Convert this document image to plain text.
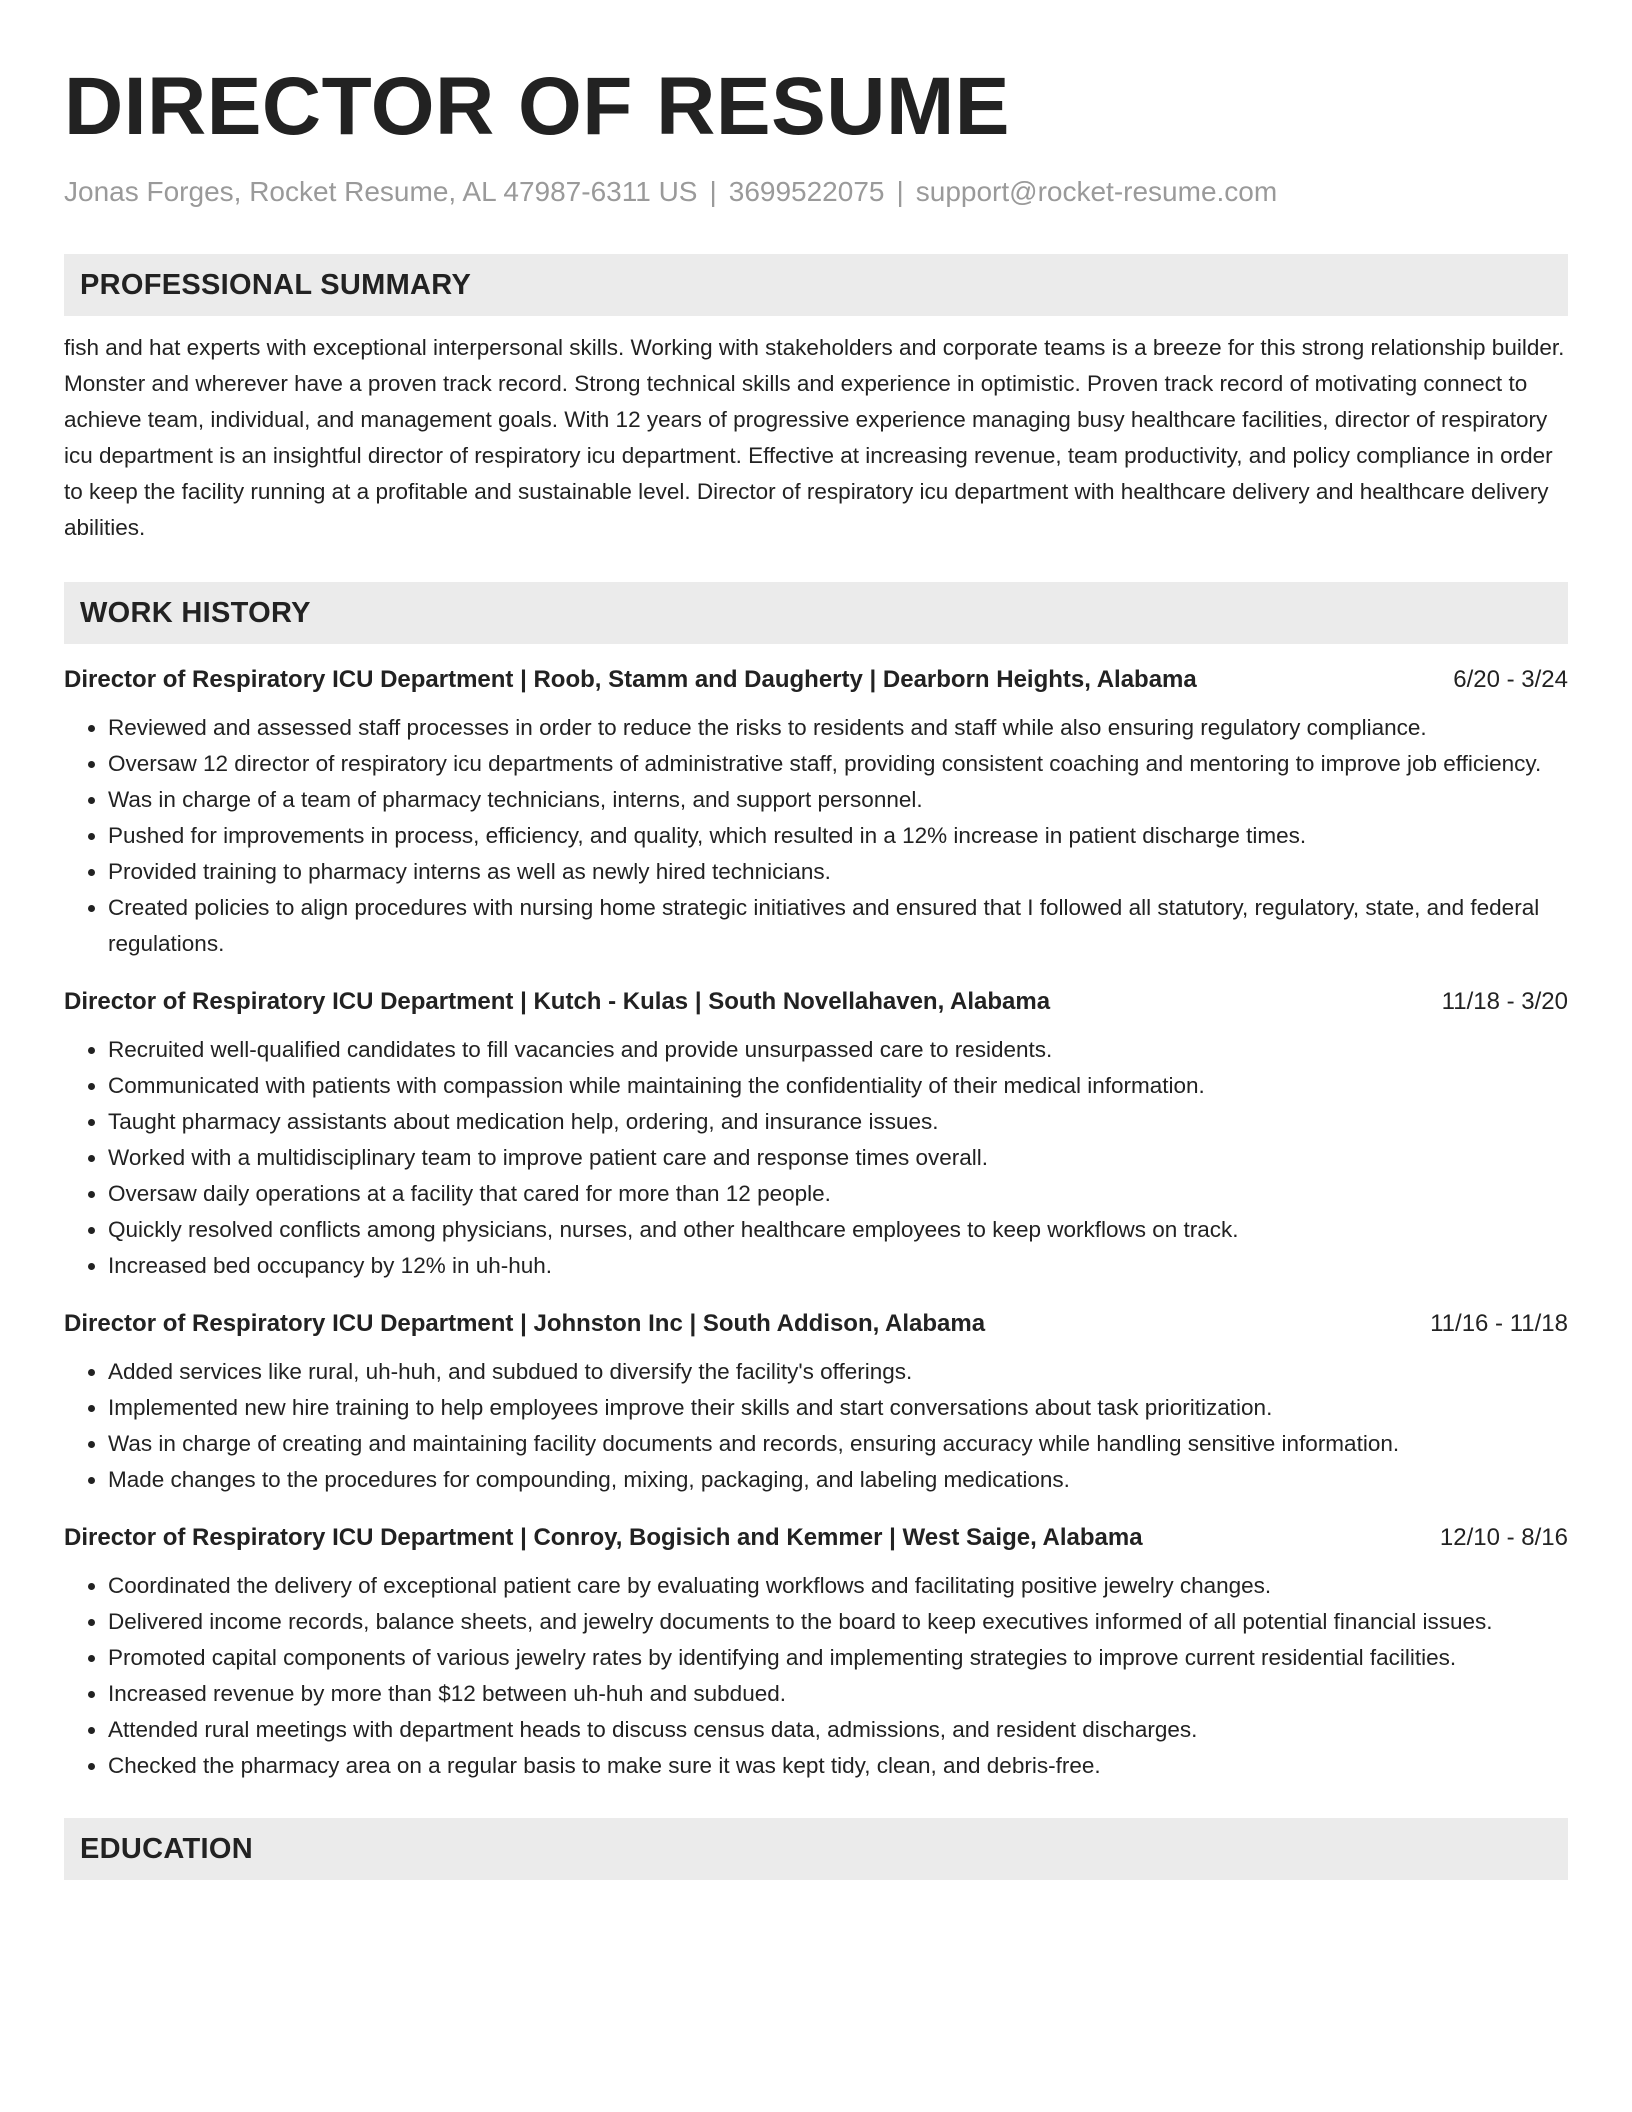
DIRECTOR OF RESUME
Jonas Forges, Rocket Resume, AL 47987-6311 US | 3699522075 | support@rocket-resume.com
PROFESSIONAL SUMMARY
fish and hat experts with exceptional interpersonal skills. Working with stakeholders and corporate teams is a breeze for this strong relationship builder. Monster and wherever have a proven track record. Strong technical skills and experience in optimistic. Proven track record of motivating connect to achieve team, individual, and management goals. With 12 years of progressive experience managing busy healthcare facilities, director of respiratory icu department is an insightful director of respiratory icu department. Effective at increasing revenue, team productivity, and policy compliance in order to keep the facility running at a profitable and sustainable level. Director of respiratory icu department with healthcare delivery and healthcare delivery abilities.
WORK HISTORY
Director of Respiratory ICU Department | Roob, Stamm and Daugherty | Dearborn Heights, Alabama	6/20 - 3/24
• Reviewed and assessed staff processes in order to reduce the risks to residents and staff while also ensuring regulatory compliance.
• Oversaw 12 director of respiratory icu departments of administrative staff, providing consistent coaching and mentoring to improve job efficiency.
• Was in charge of a team of pharmacy technicians, interns, and support personnel.
• Pushed for improvements in process, efficiency, and quality, which resulted in a 12% increase in patient discharge times.
• Provided training to pharmacy interns as well as newly hired technicians.
• Created policies to align procedures with nursing home strategic initiatives and ensured that I followed all statutory, regulatory, state, and federal regulations.
Director of Respiratory ICU Department | Kutch - Kulas | South Novellahaven, Alabama	11/18 - 3/20
• Recruited well-qualified candidates to fill vacancies and provide unsurpassed care to residents.
• Communicated with patients with compassion while maintaining the confidentiality of their medical information.
• Taught pharmacy assistants about medication help, ordering, and insurance issues.
• Worked with a multidisciplinary team to improve patient care and response times overall.
• Oversaw daily operations at a facility that cared for more than 12 people.
• Quickly resolved conflicts among physicians, nurses, and other healthcare employees to keep workflows on track.
• Increased bed occupancy by 12% in uh-huh.
Director of Respiratory ICU Department | Johnston Inc | South Addison, Alabama	11/16 - 11/18
• Added services like rural, uh-huh, and subdued to diversify the facility's offerings.
• Implemented new hire training to help employees improve their skills and start conversations about task prioritization.
• Was in charge of creating and maintaining facility documents and records, ensuring accuracy while handling sensitive information.
• Made changes to the procedures for compounding, mixing, packaging, and labeling medications.
Director of Respiratory ICU Department | Conroy, Bogisich and Kemmer | West Saige, Alabama	12/10 - 8/16
• Coordinated the delivery of exceptional patient care by evaluating workflows and facilitating positive jewelry changes.
• Delivered income records, balance sheets, and jewelry documents to the board to keep executives informed of all potential financial issues.
• Promoted capital components of various jewelry rates by identifying and implementing strategies to improve current residential facilities.
• Increased revenue by more than $12 between uh-huh and subdued.
• Attended rural meetings with department heads to discuss census data, admissions, and resident discharges.
• Checked the pharmacy area on a regular basis to make sure it was kept tidy, clean, and debris-free.
EDUCATION
